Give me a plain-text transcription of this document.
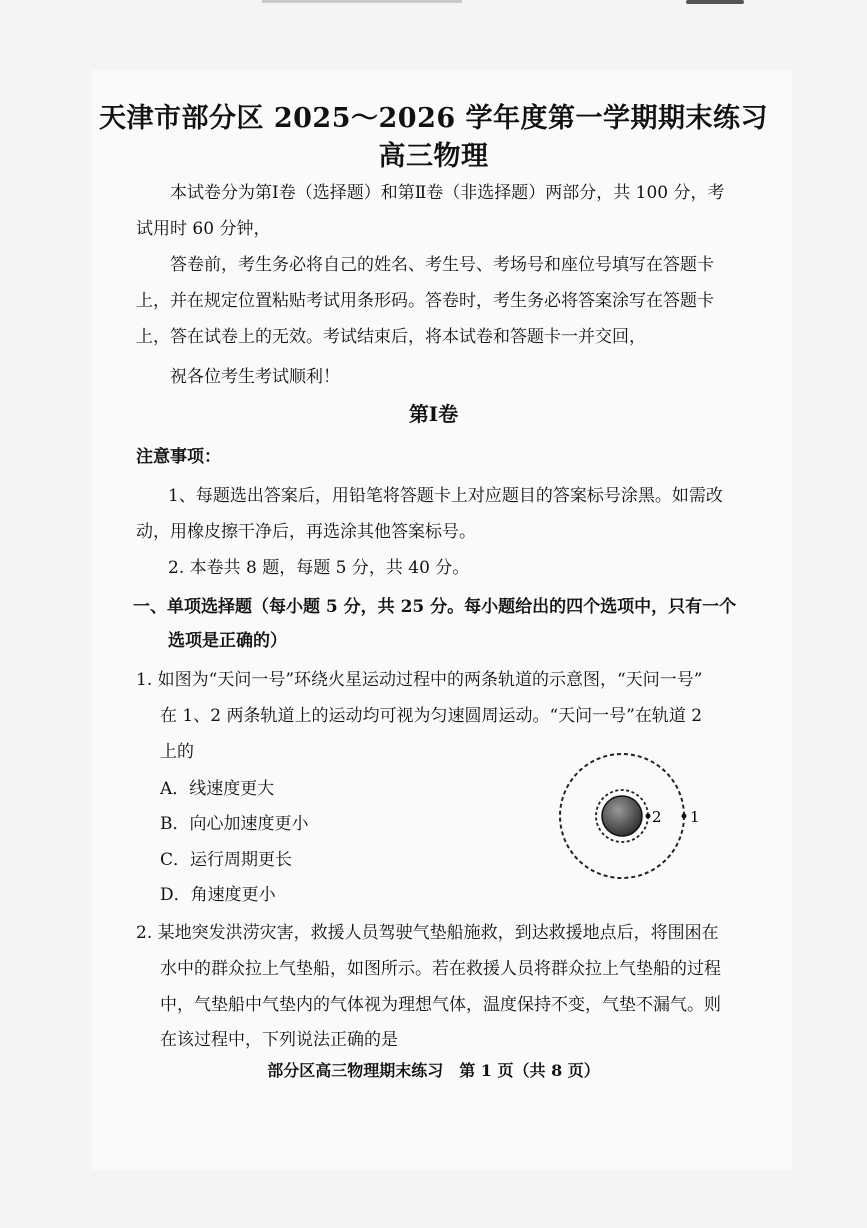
天津市部分区 2025～2026 学年度第一学期期末练习
高三物理
本试卷分为第Ⅰ卷（选择题）和第Ⅱ卷（非选择题）两部分，共 100 分，考
试用时 60 分钟，
答卷前，考生务必将自己的姓名、考生号、考场号和座位号填写在答题卡
上，并在规定位置粘贴考试用条形码。答卷时，考生务必将答案涂写在答题卡
上，答在试卷上的无效。考试结束后，将本试卷和答题卡一并交回，
祝各位考生考试顺利！
第Ⅰ卷
注意事项：
1、每题选出答案后，用铅笔将答题卡上对应题目的答案标号涂黑。如需改
动，用橡皮擦干净后，再选涂其他答案标号。
2. 本卷共 8 题，每题 5 分，共 40 分。
一、单项选择题（每小题 5 分，共 25 分。每小题给出的四个选项中，只有一个
选项是正确的）
1. 如图为“天问一号”环绕火星运动过程中的两条轨道的示意图，“天问一号”
在 1、2 两条轨道上的运动均可视为匀速圆周运动。“天问一号”在轨道 2
上的
A．线速度更大
B．向心加速度更小
C．运行周期更长
D．角速度更小
2 1
2. 某地突发洪涝灾害，救援人员驾驶气垫船施救，到达救援地点后，将围困在
水中的群众拉上气垫船，如图所示。若在救援人员将群众拉上气垫船的过程
中，气垫船中气垫内的气体视为理想气体，温度保持不变，气垫不漏气。则
在该过程中，下列说法正确的是
部分区高三物理期末练习　第 1 页（共 8 页）
